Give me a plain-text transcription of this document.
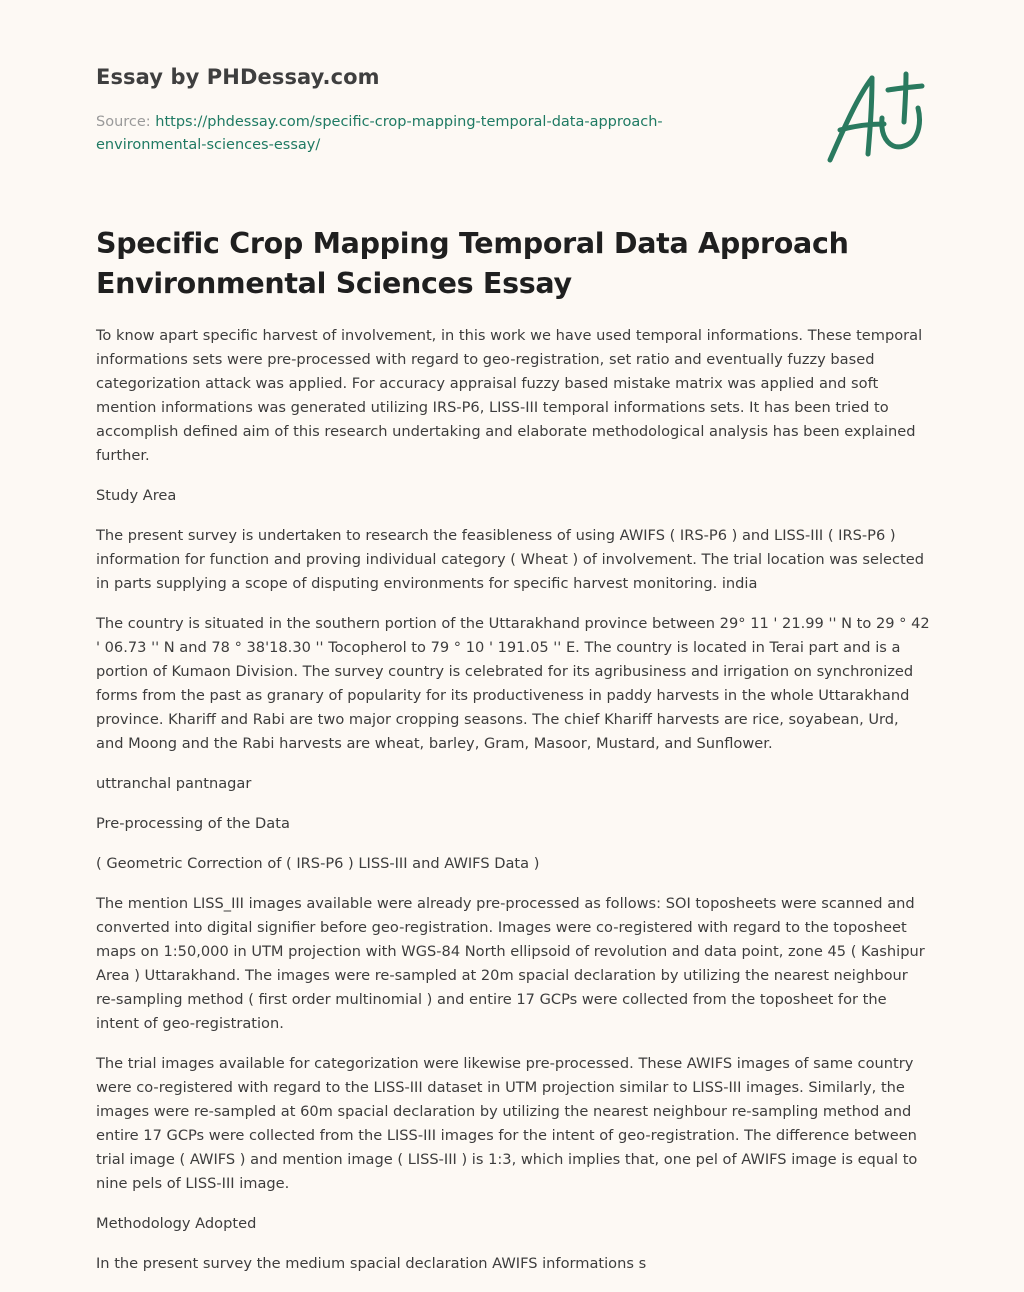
Essay by PHDessay.com
Source: https://phdessay.com/specific-crop-mapping-temporal-data-approach-environmental-sciences-essay/
Specific Crop Mapping Temporal Data Approach Environmental Sciences Essay

To know apart specific harvest of involvement, in this work we have used temporal informations. These temporal informations sets were pre-processed with regard to geo-registration, set ratio and eventually fuzzy based categorization attack was applied. For accuracy appraisal fuzzy based mistake matrix was applied and soft mention informations was generated utilizing IRS-P6, LISS-III temporal informations sets. It has been tried to accomplish defined aim of this research undertaking and elaborate methodological analysis has been explained further.

Study Area

The present survey is undertaken to research the feasibleness of using AWIFS ( IRS-P6 ) and LISS-III ( IRS-P6 ) information for function and proving individual category ( Wheat ) of involvement. The trial location was selected in parts supplying a scope of disputing environments for specific harvest monitoring. india

The country is situated in the southern portion of the Uttarakhand province between 29° 11 ' 21.99 '' N to 29 ° 42 ' 06.73 '' N and 78 ° 38'18.30 '' Tocopherol to 79 ° 10 ' 191.05 '' E. The country is located in Terai part and is a portion of Kumaon Division. The survey country is celebrated for its agribusiness and irrigation on synchronized forms from the past as granary of popularity for its productiveness in paddy harvests in the whole Uttarakhand province. Khariff and Rabi are two major cropping seasons. The chief Khariff harvests are rice, soyabean, Urd, and Moong and the Rabi harvests are wheat, barley, Gram, Masoor, Mustard, and Sunflower.

uttranchal pantnagar

Pre-processing of the Data

( Geometric Correction of ( IRS-P6 ) LISS-III and AWIFS Data )

The mention LISS_III images available were already pre-processed as follows: SOI toposheets were scanned and converted into digital signifier before geo-registration. Images were co-registered with regard to the toposheet maps on 1:50,000 in UTM projection with WGS-84 North ellipsoid of revolution and data point, zone 45 ( Kashipur Area ) Uttarakhand. The images were re-sampled at 20m spacial declaration by utilizing the nearest neighbour re-sampling method ( first order multinomial ) and entire 17 GCPs were collected from the toposheet for the intent of geo-registration.

The trial images available for categorization were likewise pre-processed. These AWIFS images of same country were co-registered with regard to the LISS-III dataset in UTM projection similar to LISS-III images. Similarly, the images were re-sampled at 60m spacial declaration by utilizing the nearest neighbour re-sampling method and entire 17 GCPs were collected from the LISS-III images for the intent of geo-registration. The difference between trial image ( AWIFS ) and mention image ( LISS-III ) is 1:3, which implies that, one pel of AWIFS image is equal to nine pels of LISS-III image.

Methodology Adopted

In the present survey the medium spacial declaration AWIFS informations s
